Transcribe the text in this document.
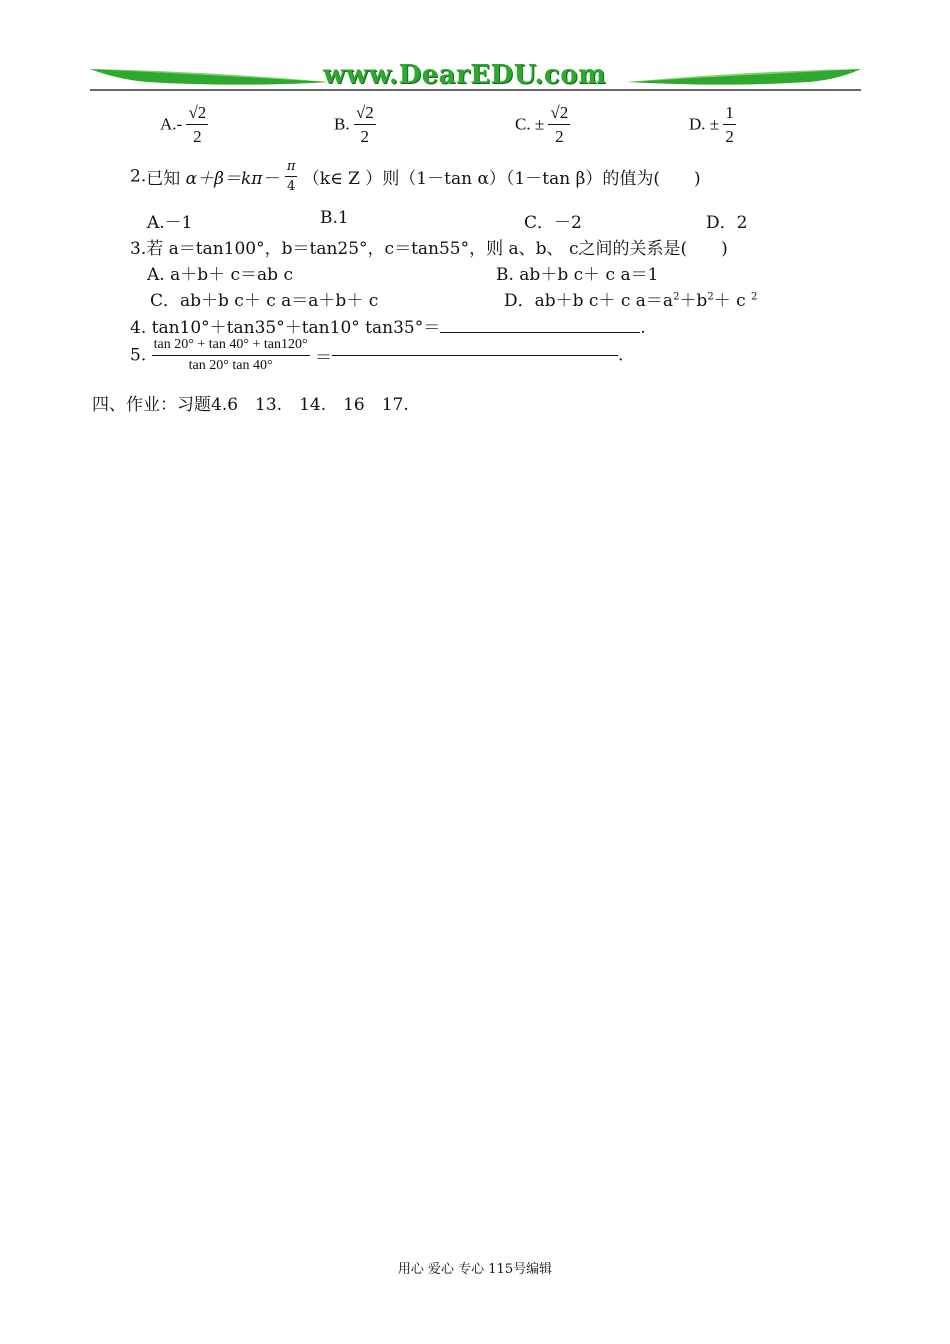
www.DearEDU.com
$A.- \frac{√2}{2}$	B. $\frac{√2}{2}$	C. ± $\frac{√2}{2}$	D. ± $\frac{1}{2}$
2.已知 $\alpha+\beta=k\pi- \frac{\pi}{4}$ （k∈ Z ）则（1－tan α）（1－tan β）的值为(　　)
A.－1	B.1	C．－2	D．2
3.若 a＝tan100°，b＝tan25°，c＝tan55°，则 a、b、 c之间的关系是(　　)
A. a＋b＋ c＝ab c	B. ab＋b c＋ c a＝1
C．ab＋b c＋ c a＝a＋b＋ c	D．ab＋b c＋ c $a=a^2+b^2+ c$ $^2$
4. tan10°＋tan35°＋tan10° tan35°＝	.
5. $\frac{\tan 20^\circ + \tan 40^\circ + \tan 120^\circ}{\tan 20^\circ \tan 40^\circ}$ ＝	.
四、作业：习题4.6　13.　14.　16　17.
用心 爱心 专心 115号编辑
